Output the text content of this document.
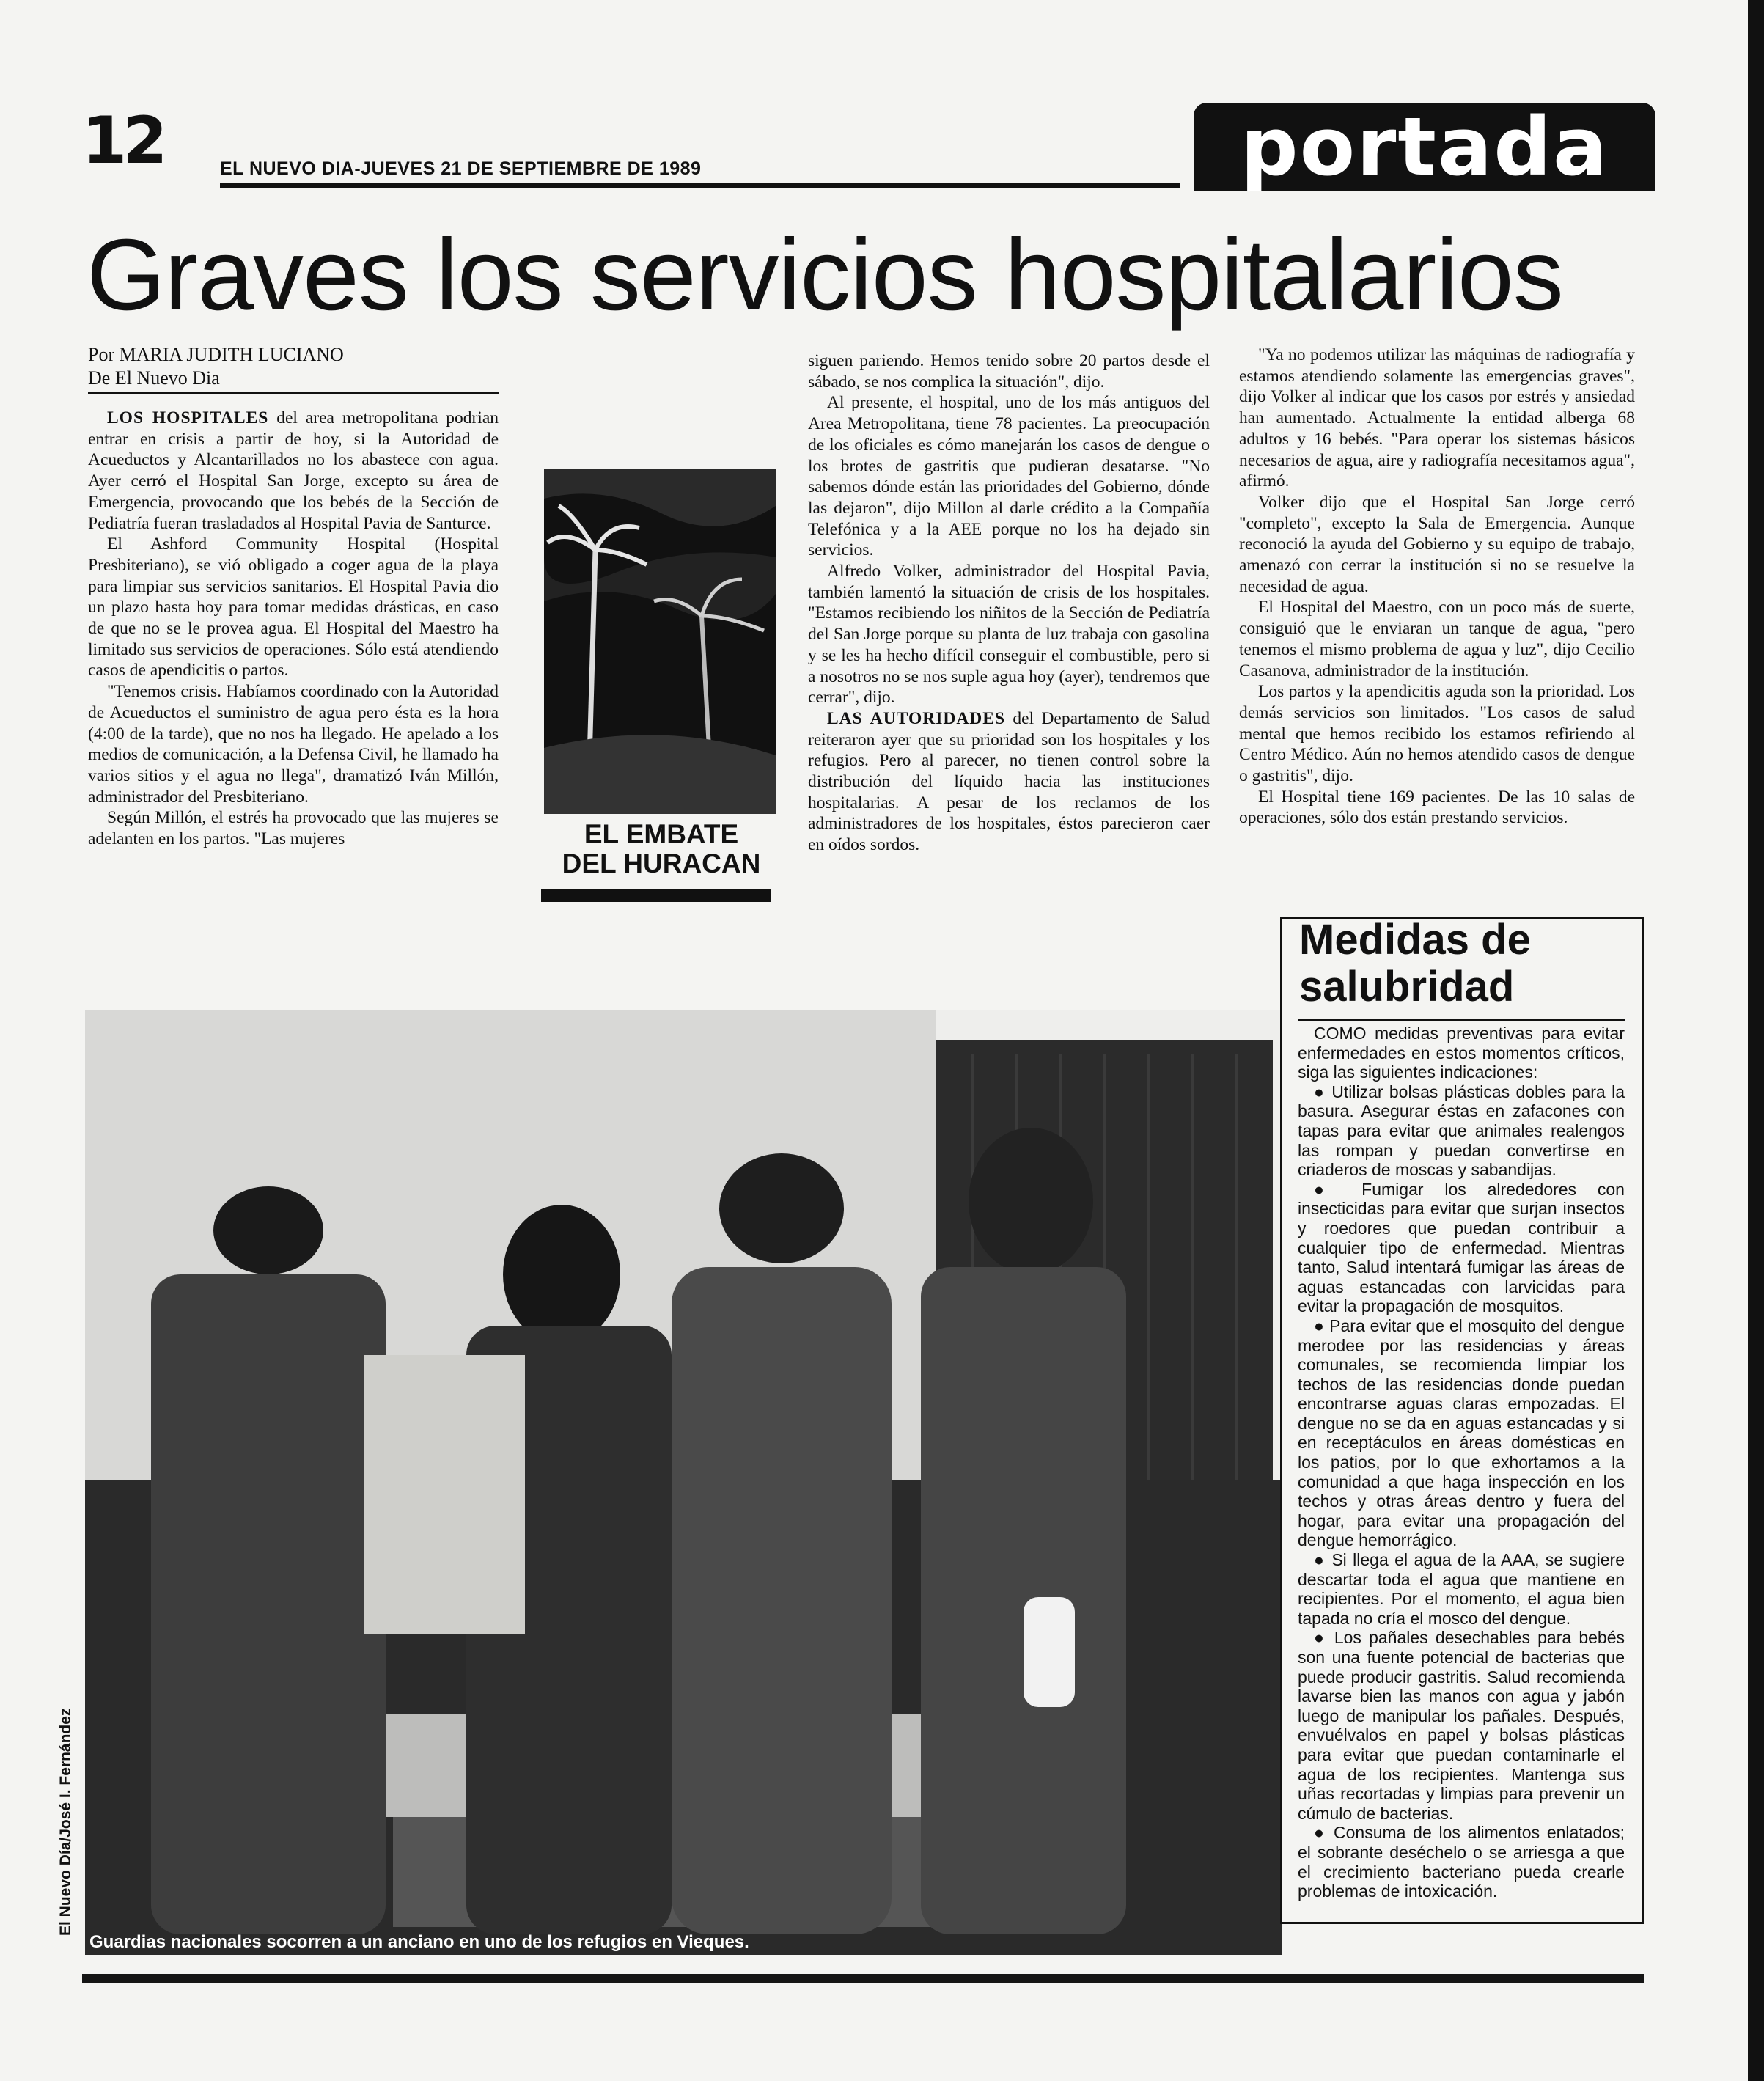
12	EL NUEVO DIA-JUEVES 21 DE SEPTIEMBRE DE 1989	portada
Graves los servicios hospitalarios
Por MARIA JUDITH LUCIANO
De El Nuevo Dia

LOS HOSPITALES del area metropolitana podrian entrar en crisis a partir de hoy, si la Autoridad de Acueductos y Alcantarillados no los abastece con agua. Ayer cerró el Hospital San Jorge, excepto su área de Emergencia, provocando que los bebés de la Sección de Pediatría fueran trasladados al Hospital Pavia de Santurce.

El Ashford Community Hospital (Hospital Presbiteriano), se vió obligado a coger agua de la playa para limpiar sus servicios sanitarios. El Hospital Pavia dio un plazo hasta hoy para tomar medidas drásticas, en caso de que no se le provea agua. El Hospital del Maestro ha limitado sus servicios de operaciones. Sólo está atendiendo casos de apendicitis o partos.

"Tenemos crisis. Habíamos coordinado con la Autoridad de Acueductos el suministro de agua pero ésta es la hora (4:00 de la tarde), que no nos ha llegado. He apelado a los medios de comunicación, a la Defensa Civil, he llamado ha varios sitios y el agua no llega", dramatizó Iván Millón, administrador del Presbiteriano.

Según Millón, el estrés ha provocado que las mujeres se adelanten en los partos. "Las mujeres	EL EMBATE
DEL HURACAN

siguen pariendo. Hemos tenido sobre 20 partos desde el sábado, se nos complica la situación", dijo.

Al presente, el hospital, uno de los más antiguos del Area Metropolitana, tiene 78 pacientes. La preocupación de los oficiales es cómo manejarán los casos de dengue o los brotes de gastritis que pudieran desatarse. "No sabemos dónde están las prioridades del Gobierno, dónde las dejaron", dijo Millon al darle crédito a la Compañía Telefónica y a la AEE porque no los ha dejado sin servicios.

Alfredo Volker, administrador del Hospital Pavia, también lamentó la situación de crisis de los hospitales. "Estamos recibiendo los niñitos de la Sección de Pediatría del San Jorge porque su planta de luz trabaja con gasolina y se les ha hecho difícil conseguir el combustible, pero si a nosotros no se nos suple agua hoy (ayer), tendremos que cerrar", dijo.

LAS AUTORIDADES del Departamento de Salud reiteraron ayer que su prioridad son los hospitales y los refugios. Pero al parecer, no tienen control sobre la distribución del líquido hacia las instituciones hospitalarias. A pesar de los reclamos de los administradores de los hospitales, éstos parecieron caer en oídos sordos.

"Ya no podemos utilizar las máquinas de radiografía y estamos atendiendo solamente las emergencias graves", dijo Volker al indicar que los casos por estrés y ansiedad han aumentado. Actualmente la entidad alberga 68 adultos y 16 bebés. "Para operar los sistemas básicos necesarios de agua, aire y radiografía necesitamos agua", afirmó.

Volker dijo que el Hospital San Jorge cerró "completo", excepto la Sala de Emergencia. Aunque reconoció la ayuda del Gobierno y su equipo de trabajo, amenazó con cerrar la institución si no se resuelve la necesidad de agua.

El Hospital del Maestro, con un poco más de suerte, consiguió que le enviaran un tanque de agua, "pero tenemos el mismo problema de agua y luz", dijo Cecilio Casanova, administrador de la institución.

Los partos y la apendicitis aguda son la prioridad. Los demás servicios son limitados. "Los casos de salud mental que hemos recibido los estamos refiriendo al Centro Médico. Aún no hemos atendido casos de dengue o gastritis", dijo.

El Hospital tiene 169 pacientes. De las 10 salas de operaciones, sólo dos están prestando servicios.

Guardias nacionales socorren a un anciano en uno de los refugios en Vieques.
El Nuevo Día/José I. Fernández
Medidas de salubridad

COMO medidas preventivas para evitar enfermedades en estos momentos críticos, siga las siguientes indicaciones:

● Utilizar bolsas plásticas dobles para la basura. Asegurar éstas en zafacones con tapas para evitar que animales realengos las rompan y puedan convertirse en criaderos de moscas y sabandijas.

● Fumigar los alrededores con insecticidas para evitar que surjan insectos y roedores que puedan contribuir a cualquier tipo de enfermedad. Mientras tanto, Salud intentará fumigar las áreas de aguas estancadas con larvicidas para evitar la propagación de mosquitos.

● Para evitar que el mosquito del dengue merodee por las residencias y áreas comunales, se recomienda limpiar los techos de las residencias donde puedan encontrarse aguas claras empozadas. El dengue no se da en aguas estancadas y si en receptáculos en áreas domésticas en los patios, por lo que exhortamos a la comunidad a que haga inspección en los techos y otras áreas dentro y fuera del hogar, para evitar una propagación del dengue hemorrágico.

● Si llega el agua de la AAA, se sugiere descartar toda el agua que mantiene en recipientes. Por el momento, el agua bien tapada no cría el mosco del dengue.

● Los pañales desechables para bebés son una fuente potencial de bacterias que puede producir gastritis. Salud recomienda lavarse bien las manos con agua y jabón luego de manipular los pañales. Después, envuélvalos en papel y bolsas plásticas para evitar que puedan contaminarle el agua de los recipientes. Mantenga sus uñas recortadas y limpias para prevenir un cúmulo de bacterias.

● Consuma de los alimentos enlatados; el sobrante deséchelo o se arriesga a que el crecimiento bacteriano pueda crearle problemas de intoxicación.
